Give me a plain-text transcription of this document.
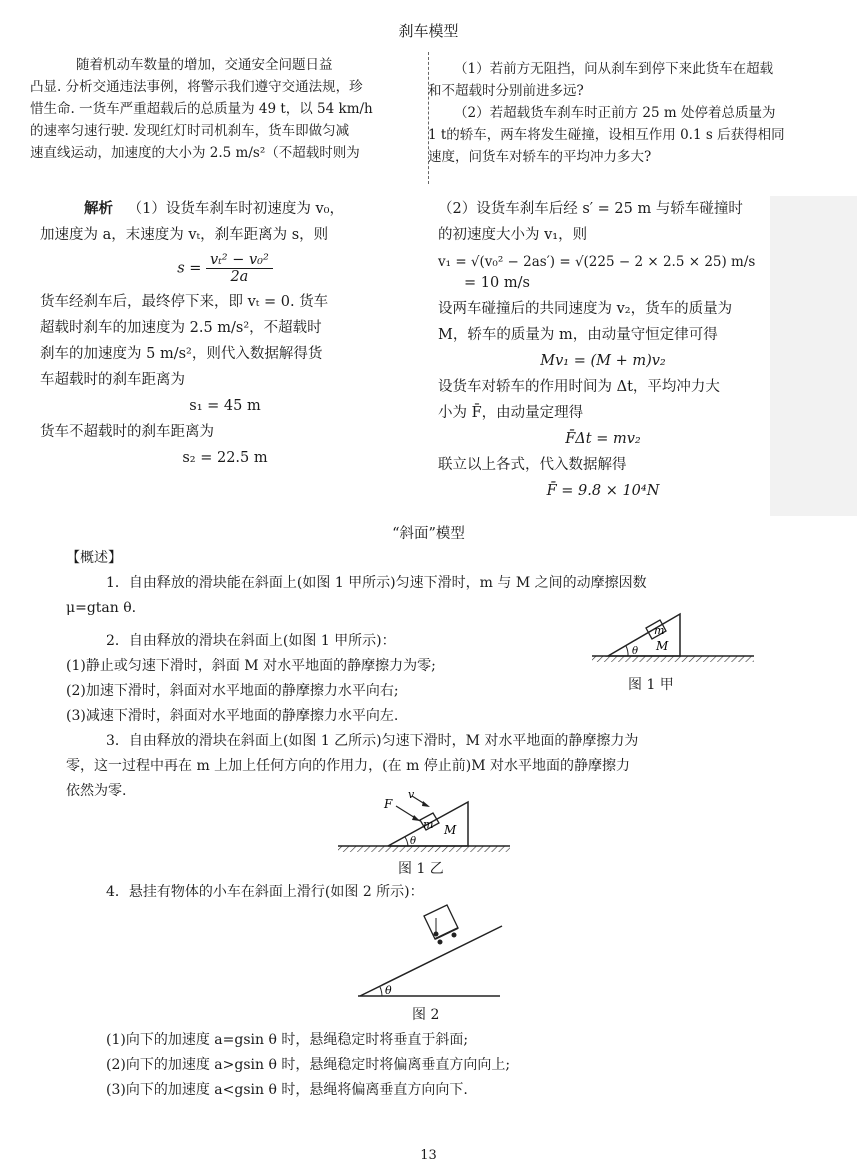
刹车模型
随着机动车数量的增加，交通安全问题日益
凸显. 分析交通违法事例，将警示我们遵守交通法规，珍
惜生命. 一货车严重超载后的总质量为 49 t，以 54 km/h
的速率匀速行驶. 发现红灯时司机刹车，货车即做匀减
速直线运动，加速度的大小为 2.5 m/s²（不超载时则为
（1）若前方无阻挡，问从刹车到停下来此货车在超载
和不超载时分别前进多远?
（2）若超载货车刹车时正前方 25 m 处停着总质量为
1 t的轿车，两车将发生碰撞，设相互作用 0.1 s 后获得相同
速度，问货车对轿车的平均冲力多大?
解析 （1）设货车刹车时初速度为 v₀，
加速度为 a，末速度为 vₜ，刹车距离为 s，则
$s = \frac{\text{vₜ² − v₀²}}{2a}$
货车经刹车后，最终停下来，即 vₜ = 0. 货车
超载时刹车的加速度为 2.5 m/s²，不超载时
刹车的加速度为 5 m/s²，则代入数据解得货
车超载时的刹车距离为
s₁ = 45 m
货车不超载时的刹车距离为
s₂ = 22.5 m
（2）设货车刹车后经 s′ = 25 m 与轿车碰撞时
的初速度大小为 v₁，则
v₁ = √(v₀² − 2as′) = √(225 − 2 × 2.5 × 25) m/s
= 10 m/s
设两车碰撞后的共同速度为 v₂，货车的质量为
M，轿车的质量为 m，由动量守恒定律可得
Mv₁ = (M + m)v₂
设货车对轿车的作用时间为 Δt，平均冲力大
小为 F̄，由动量定理得
F̄Δt = mv₂
联立以上各式，代入数据解得
F̄ = 9.8 × 10⁴N
“斜面”模型
【概述】
1．自由释放的滑块能在斜面上(如图 1 甲所示)匀速下滑时，m 与 M 之间的动摩擦因数
μ=gtan θ.
2．自由释放的滑块在斜面上(如图 1 甲所示)：
(1)静止或匀速下滑时，斜面 M 对水平地面的静摩擦力为零;
(2)加速下滑时，斜面对水平地面的静摩擦力水平向右;
(3)减速下滑时，斜面对水平地面的静摩擦力水平向左.
3．自由释放的滑块在斜面上(如图 1 乙所示)匀速下滑时，M 对水平地面的静摩擦力为
零，这一过程中再在 m 上加上任何方向的作用力，(在 m 停止前)M 对水平地面的静摩擦力
依然为零.
m
M
θ
图 1 甲
F
v
m M
θ
图 1 乙
4．悬挂有物体的小车在斜面上滑行(如图 2 所示)：
θ
图 2
(1)向下的加速度 a=gsin θ 时，悬绳稳定时将垂直于斜面;
(2)向下的加速度 a>gsin θ 时，悬绳稳定时将偏离垂直方向向上;
(3)向下的加速度 a<gsin θ 时，悬绳将偏离垂直方向向下.
13
